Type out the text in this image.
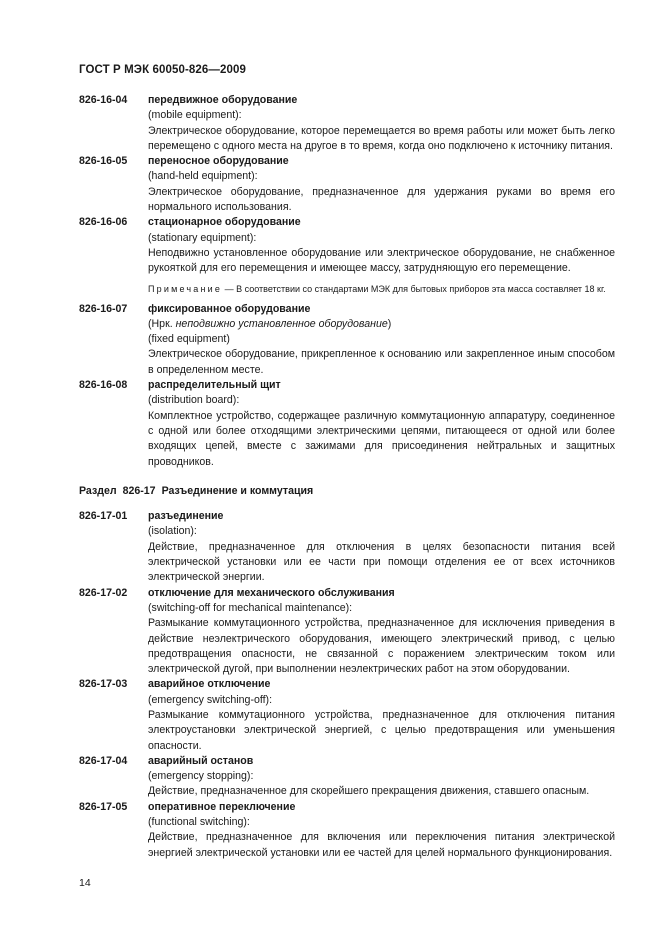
ГОСТ Р МЭК 60050-826—2009
826-16-04	передвижное оборудование
(mobile equipment):
Электрическое оборудование, которое перемещается во время работы или может быть легко перемещено с одного места на другое в то время, когда оно подключено к источнику питания.
826-16-05	переносное оборудование
(hand-held equipment):
Электрическое оборудование, предназначенное для удержания руками во время его нормального использования.
826-16-06	стационарное оборудование
(stationary equipment):
Неподвижно установленное оборудование или электрическое оборудование, не снабженное рукояткой для его перемещения и имеющее массу, затрудняющую его перемещение.
Примечание — В соответствии со стандартами МЭК для бытовых приборов эта масса составляет 18 кг.
826-16-07	фиксированное оборудование
(Нрк. неподвижно установленное оборудование)
(fixed equipment)
Электрическое оборудование, прикрепленное к основанию или закрепленное иным способом в определенном месте.
826-16-08	распределительный щит
(distribution board):
Комплектное устройство, содержащее различную коммутационную аппаратуру, соединенное с одной или более отходящими электрическими цепями, питающееся от одной или более входящих цепей, вместе с зажимами для присоединения нейтральных и защитных проводников.
Раздел 826-17 Разъединение и коммутация
826-17-01	разъединение
(isolation):
Действие, предназначенное для отключения в целях безопасности питания всей электрической установки или ее части при помощи отделения ее от всех источников электрической энергии.
826-17-02	отключение для механического обслуживания
(switching-off for mechanical maintenance):
Размыкание коммутационного устройства, предназначенное для исключения приведения в действие неэлектрического оборудования, имеющего электрический привод, с целью предотвращения опасности, не связанной с поражением электрическим током или электрической дугой, при выполнении неэлектрических работ на этом оборудовании.
826-17-03	аварийное отключение
(emergency switching-off):
Размыкание коммутационного устройства, предназначенное для отключения питания электроустановки электрической энергией, с целью предотвращения или уменьшения опасности.
826-17-04	аварийный останов
(emergency stopping):
Действие, предназначенное для скорейшего прекращения движения, ставшего опасным.
826-17-05	оперативное переключение
(functional switching):
Действие, предназначенное для включения или переключения питания электрической энергией электрической установки или ее частей для целей нормального функционирования.
14
